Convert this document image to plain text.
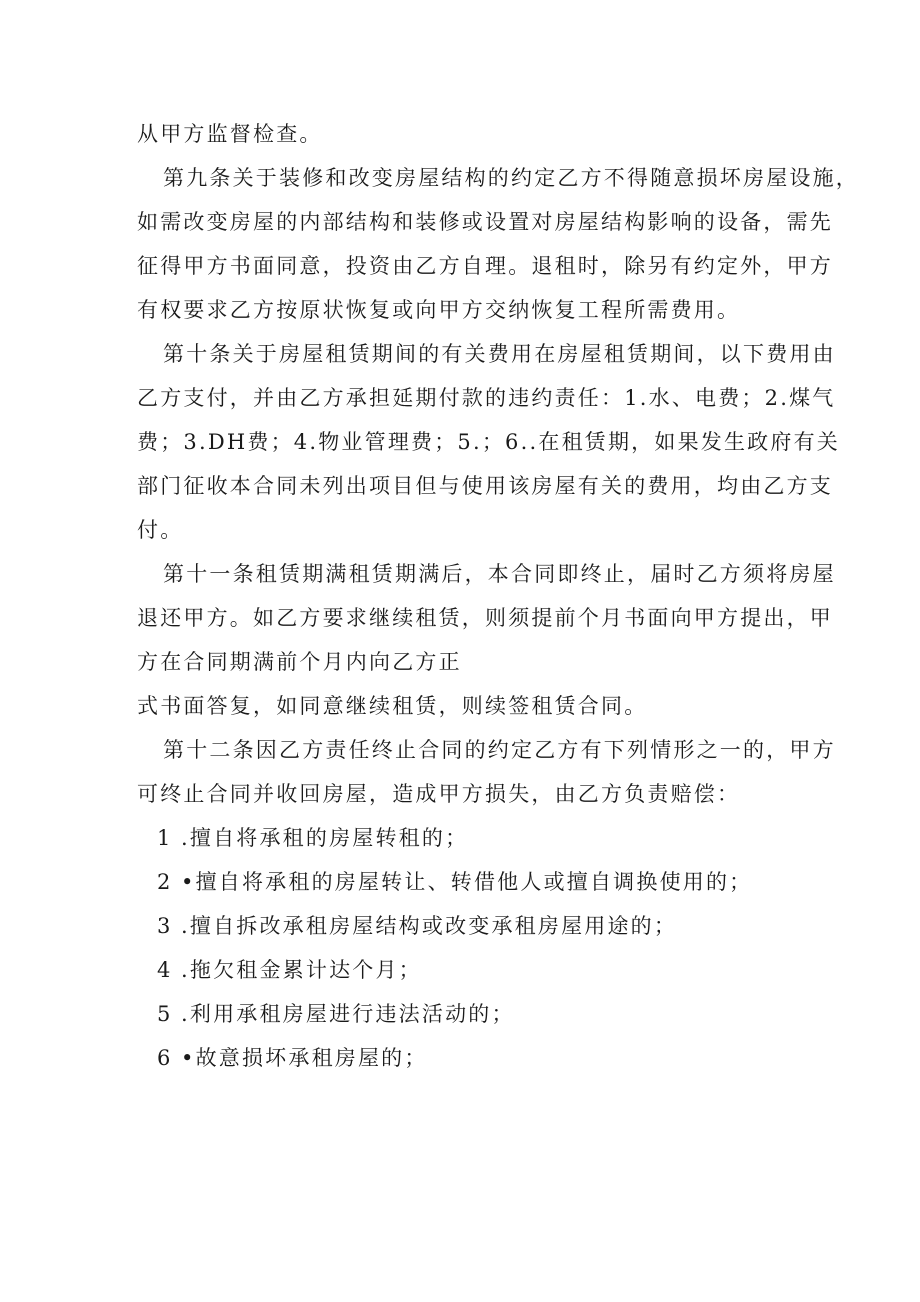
从甲方监督检查。

第九条关于装修和改变房屋结构的约定乙方不得随意损坏房屋设施，

如需改变房屋的内部结构和装修或设置对房屋结构影响的设备，需先

征得甲方书面同意，投资由乙方自理。退租时，除另有约定外，甲方

有权要求乙方按原状恢复或向甲方交纳恢复工程所需费用。

第十条关于房屋租赁期间的有关费用在房屋租赁期间，以下费用由

乙方支付，并由乙方承担延期付款的违约责任：1.水、电费；2.煤气

费；3.DH费；4.物业管理费；5.；6..在租赁期，如果发生政府有关

部门征收本合同未列出项目但与使用该房屋有关的费用，均由乙方支

付。

第十一条租赁期满租赁期满后，本合同即终止，届时乙方须将房屋

退还甲方。如乙方要求继续租赁，则须提前个月书面向甲方提出，甲

方在合同期满前个月内向乙方正

式书面答复，如同意继续租赁，则续签租赁合同。

第十二条因乙方责任终止合同的约定乙方有下列情形之一的，甲方

可终止合同并收回房屋，造成甲方损失，由乙方负责赔偿：

1 .擅自将承租的房屋转租的；

2 •擅自将承租的房屋转让、转借他人或擅自调换使用的；

3 .擅自拆改承租房屋结构或改变承租房屋用途的；

4 .拖欠租金累计达个月；

5 .利用承租房屋进行违法活动的；

6 •故意损坏承租房屋的；
